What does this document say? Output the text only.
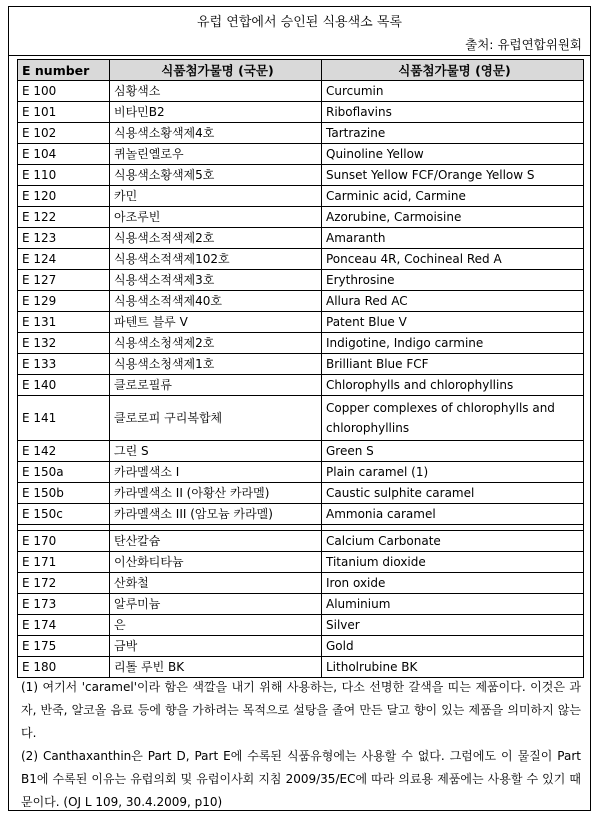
유럽 연합에서 승인된 식용색소 목록
출처: 유럽연합위원회
E number	식품첨가물명 (국문)	식품첨가물명 (영문)
E 100	심황색소	Curcumin
E 101	비타민B2	Riboflavins
E 102	식용색소황색제4호	Tartrazine
E 104	퀴놀린옐로우	Quinoline Yellow
E 110	식용색소황색제5호	Sunset Yellow FCF/Orange Yellow S
E 120	카민	Carminic acid, Carmine
E 122	아조루빈	Azorubine, Carmoisine
E 123	식용색소적색제2호	Amaranth
E 124	식용색소적색제102호	Ponceau 4R, Cochineal Red A
E 127	식용색소적색제3호	Erythrosine
E 129	식용색소적색제40호	Allura Red AC
E 131	파텐트 블루 V	Patent Blue V
E 132	식용색소청색제2호	Indigotine, Indigo carmine
E 133	식용색소청색제1호	Brilliant Blue FCF
E 140	클로로필류	Chlorophylls and chlorophyllins
E 141	클로로피 구리복합체	Copper complexes of chlorophylls and chlorophyllins
E 142	그린 S	Green S
E 150a	카라멜색소 I	Plain caramel (1)
E 150b	카라멜색소 II (아황산 카라멜)	Caustic sulphite caramel
E 150c	카라멜색소 III (암모늄 카라멜)	Ammonia caramel

E 170	탄산칼슘	Calcium Carbonate
E 171	이산화티타늄	Titanium dioxide
E 172	산화철	Iron oxide
E 173	알루미늄	Aluminium
E 174	은	Silver
E 175	금박	Gold
E 180	리톨 루빈 BK	Litholrubine BK

(1) 여기서 'caramel'이라 함은 색깔을 내기 위해 사용하는, 다소 선명한 갈색을 띠는 제품이다. 이것은 과자, 반죽, 알코올 음료 등에 향을 가하려는 목적으로 설탕을 졸여 만든 달고 향이 있는 제품을 의미하지 않는다.

(2) Canthaxanthin은 Part D, Part E에 수록된 식품유형에는 사용할 수 없다. 그럼에도 이 물질이 Part B1에 수록된 이유는 유럽의회 및 유럽이사회 지침 2009/35/EC에 따라 의료용 제품에는 사용할 수 있기 때문이다. (OJ L 109, 30.4.2009, p10)
